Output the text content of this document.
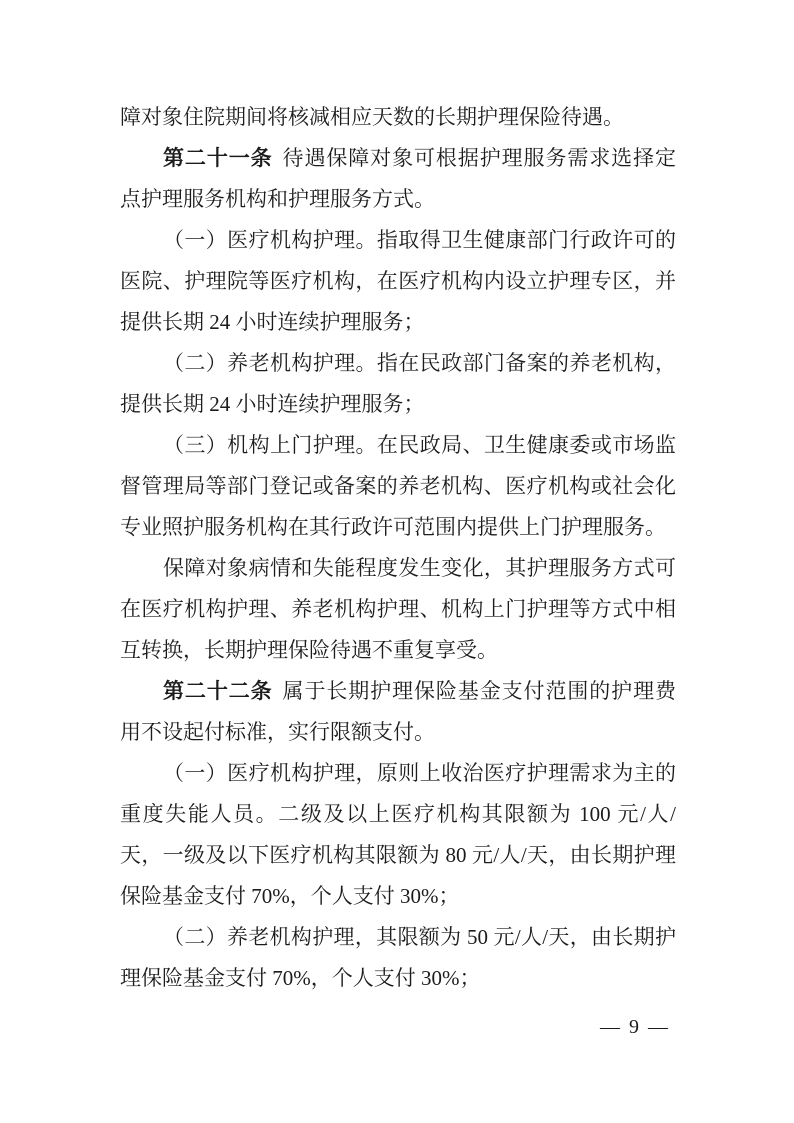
障对象住院期间将核减相应天数的长期护理保险待遇。

第二十一条 待遇保障对象可根据护理服务需求选择定点护理服务机构和护理服务方式。

（一）医疗机构护理。指取得卫生健康部门行政许可的医院、护理院等医疗机构，在医疗机构内设立护理专区，并提供长期 24 小时连续护理服务；

（二）养老机构护理。指在民政部门备案的养老机构，提供长期 24 小时连续护理服务；

（三）机构上门护理。在民政局、卫生健康委或市场监督管理局等部门登记或备案的养老机构、医疗机构或社会化专业照护服务机构在其行政许可范围内提供上门护理服务。

保障对象病情和失能程度发生变化，其护理服务方式可在医疗机构护理、养老机构护理、机构上门护理等方式中相互转换，长期护理保险待遇不重复享受。

第二十二条 属于长期护理保险基金支付范围的护理费用不设起付标准，实行限额支付。

（一）医疗机构护理，原则上收治医疗护理需求为主的重度失能人员。二级及以上医疗机构其限额为 100 元/人/天，一级及以下医疗机构其限额为 80 元/人/天，由长期护理保险基金支付 70%，个人支付 30%；

（二）养老机构护理，其限额为 50 元/人/天，由长期护理保险基金支付 70%，个人支付 30%；

— 9 —
